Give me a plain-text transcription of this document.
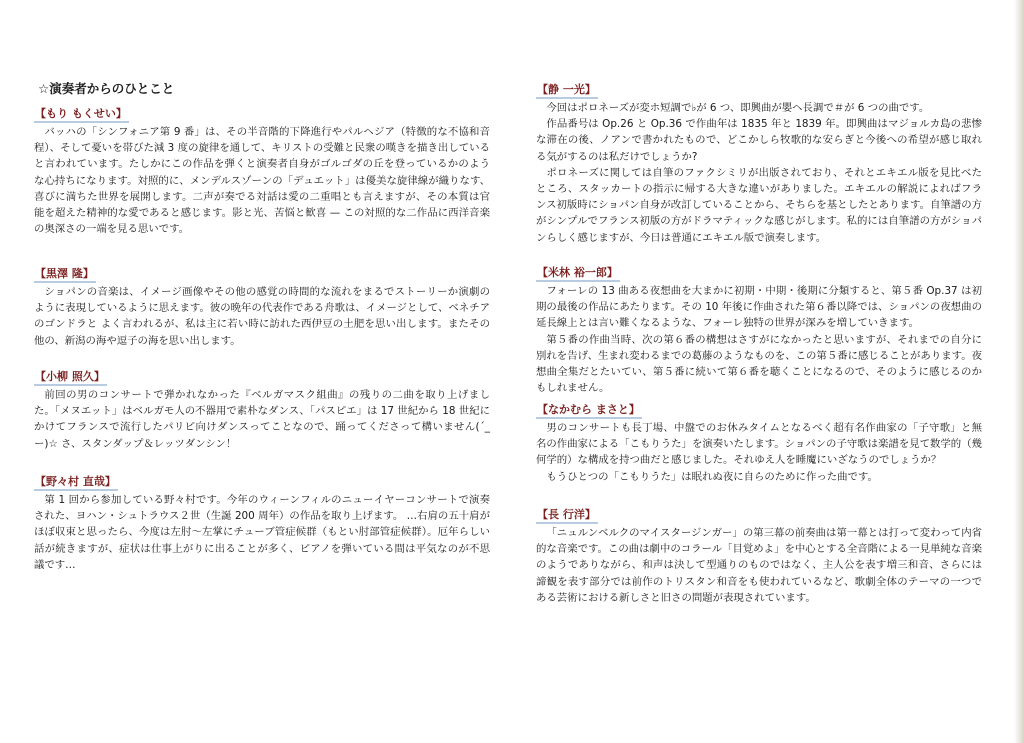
☆演奏者からのひとこと
【もり もくせい】

バッハの「シンフォニア第 9 番」は、その半音階的下降進行やパルヘジア（特徴的な不協和音程）、そして憂いを帯びた減 3 度の旋律を通して、キリストの受難と民衆の嘆きを描き出していると言われています。たしかにこの作品を弾くと演奏者自身がゴルゴダの丘を登っているかのような心持ちになります。対照的に、メンデルスゾーンの「デュエット」は優美な旋律線が織りなす、喜びに満ちた世界を展開します。二声が奏でる対話は愛の二重唱とも言えますが、その本質は官能を超えた精神的な愛であると感じます。影と光、苦悩と歓喜 — この対照的な二作品に西洋音楽の奥深さの一端を見る思いです。

【黒澤 隆】

ショパンの音楽は、イメージ画像やその他の感覚の時間的な流れをまるでストーリーか演劇のように表現しているように思えます。彼の晩年の代表作である舟歌は、イメージとして、ベネチアのゴンドラと よく言われるが、私は主に若い時に訪れた西伊豆の土肥を思い出します。またその他の、新潟の海や逗子の海を思い出します。

【小柳 照久】

前回の男のコンサートで弾かれなかった『ベルガマスク組曲』の残りの二曲を取り上げました。「メヌエット」はベルガモ人の不器用で素朴なダンス、「パスピエ」は 17 世紀から 18 世紀にかけてフランスで流行したパリピ向けダンスってことなので、踊ってくださって構いません(´_ー)☆ さ、スタンダップ＆レッツダンシン！

【野々村 直哉】

第 1 回から参加している野々村です。今年のウィーンフィルのニューイヤーコンサートで演奏された、ヨハン・シュトラウス２世（生誕 200 周年）の作品を取り上げます。 …右肩の五十肩がほぼ収束と思ったら、今度は左肘～左掌にチューブ管症候群（もとい肘部管症候群）。厄年らしい話が続きますが、症状は仕事上がりに出ることが多く、ピアノを弾いている間は平気なのが不思議です…

【静 一光】

今回はポロネーズが変ホ短調で♭が 6 つ、即興曲が嬰ヘ長調で＃が 6 つの曲です。

作品番号は Op.26 と Op.36 で作曲年は 1835 年と 1839 年。即興曲はマジョルカ島の悲惨な滞在の後、ノアンで書かれたもので、どこかしら牧歌的な安らぎと今後への希望が感じ取れる気がするのは私だけでしょうか?

ポロネーズに関しては自筆のファクシミリが出版されており、それとエキエル版を見比べたところ、スタッカートの指示に帰する大きな違いがありました。エキエルの解説によればフランス初版時にショパン自身が改訂していることから、そちらを基としたとあります。自筆譜の方がシンプルでフランス初版の方がドラマティックな感じがします。私的には自筆譜の方がショパンらしく感じますが、今日は普通にエキエル版で演奏します。

【米林 裕一郎】

フォーレの 13 曲ある夜想曲を大まかに初期・中期・後期に分類すると、第５番 Op.37 は初期の最後の作品にあたります。その 10 年後に作曲された第６番以降では、ショパンの夜想曲の延長線上とは言い難くなるような、フォーレ独特の世界が深みを増していきます。

第５番の作曲当時、次の第６番の構想はさすがになかったと思いますが、それまでの自分に別れを告げ、生まれ変わるまでの葛藤のようなものを、この第５番に感じることがあります。夜想曲全集だとたいてい、第５番に続いて第６番を聴くことになるので、そのように感じるのかもしれません。

【なかむら まさと】

男のコンサートも長丁場、中盤でのお休みタイムとなるべく超有名作曲家の「子守歌」と無名の作曲家による「こもりうた」を演奏いたします。ショパンの子守歌は楽譜を見て数学的（幾何学的）な構成を持つ曲だと感じました。それゆえ人を睡魔にいざなうのでしょうか？

もうひとつの「こもりうた」は眠れぬ夜に自らのために作った曲です。

【長 行洋】

「ニュルンベルクのマイスタージンガー」の第三幕の前奏曲は第一幕とは打って変わって内省的な音楽です。この曲は劇中のコラール「目覚めよ」を中心とする全音階による一見単純な音楽のようでありながら、和声は決して型通りのものではなく、主人公を表す増三和音、さらには諦観を表す部分では前作のトリスタン和音をも使われているなど、歌劇全体のテーマの一つである芸術における新しさと旧さの問題が表現されています。
